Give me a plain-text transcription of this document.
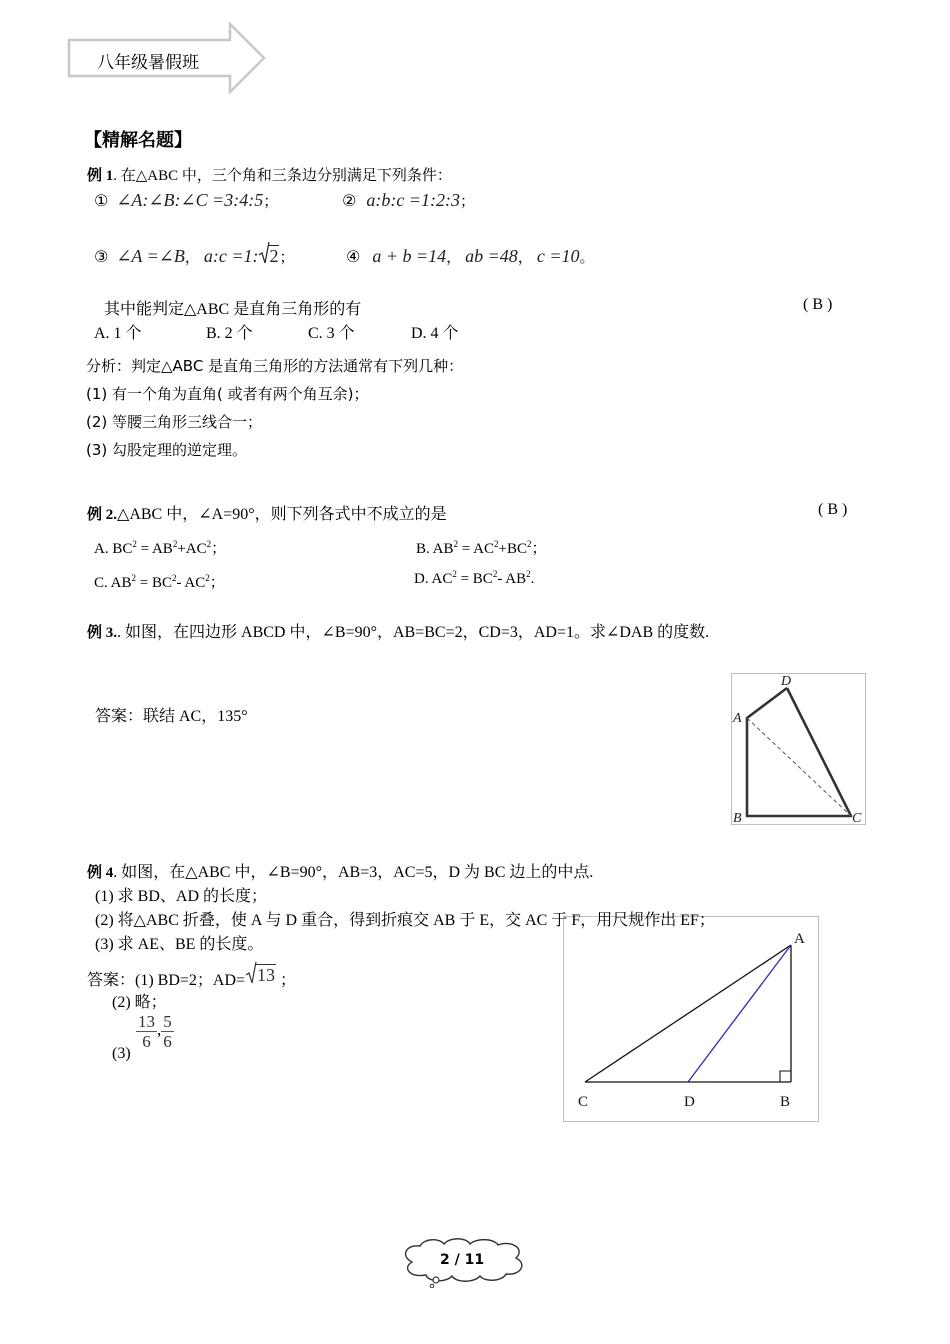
八年级暑假班
【精解名题】
例 1. 在△ABC 中，三个角和三条边分别满足下列条件：
① ∠A:∠B:∠C =3:4:5；	② a:b:c =1:2:3；
③ ∠A =∠B， a:c =1: 2；	④ a + b =14， ab =48， c =10。
其中能判定△ABC 是直角三角形的有	( B )
A. 1 个	B. 2 个	C. 3 个	D. 4 个
分析：判定△ABC 是直角三角形的方法通常有下列几种：
(1) 有一个角为直角( 或者有两个角互余)；
(2) 等腰三角形三线合一；
(3) 勾股定理的逆定理。
例 2.△ABC 中，∠A=90°，则下列各式中不成立的是	( B )
A. $BC^2 = AB^2+AC^2$；	B. $AB^2 = AC^2+BC^2$；
C. $AB^2 = BC^2-$ $AC^2$；	D. $AC^2 = BC^2-$ $AB^2$.
例 3.. 如图，在四边形 ABCD 中，∠B=90°，AB=BC=2，CD=3，AD=1。求∠DAB 的度数.
答案：联结 AC，135°
D
A
B	C
例 4. 如图，在△ABC 中，∠B=90°，AB=3，AC=5，D 为 BC 边上的中点.
(1) 求 BD、AD 的长度；
A
C	D	B
(2) 将△ABC 折叠，使 A 与 D 重合，得到折痕交 AB 于 E，交 AC 于 F，用尺规作出 EF；
(3) 求 AE、BE 的长度。
答案：(1) BD=2；AD= 13 ；
(2) 略；
(3)
$\frac{13}{6}$ , $\frac{5}{6}$
2 / 11
